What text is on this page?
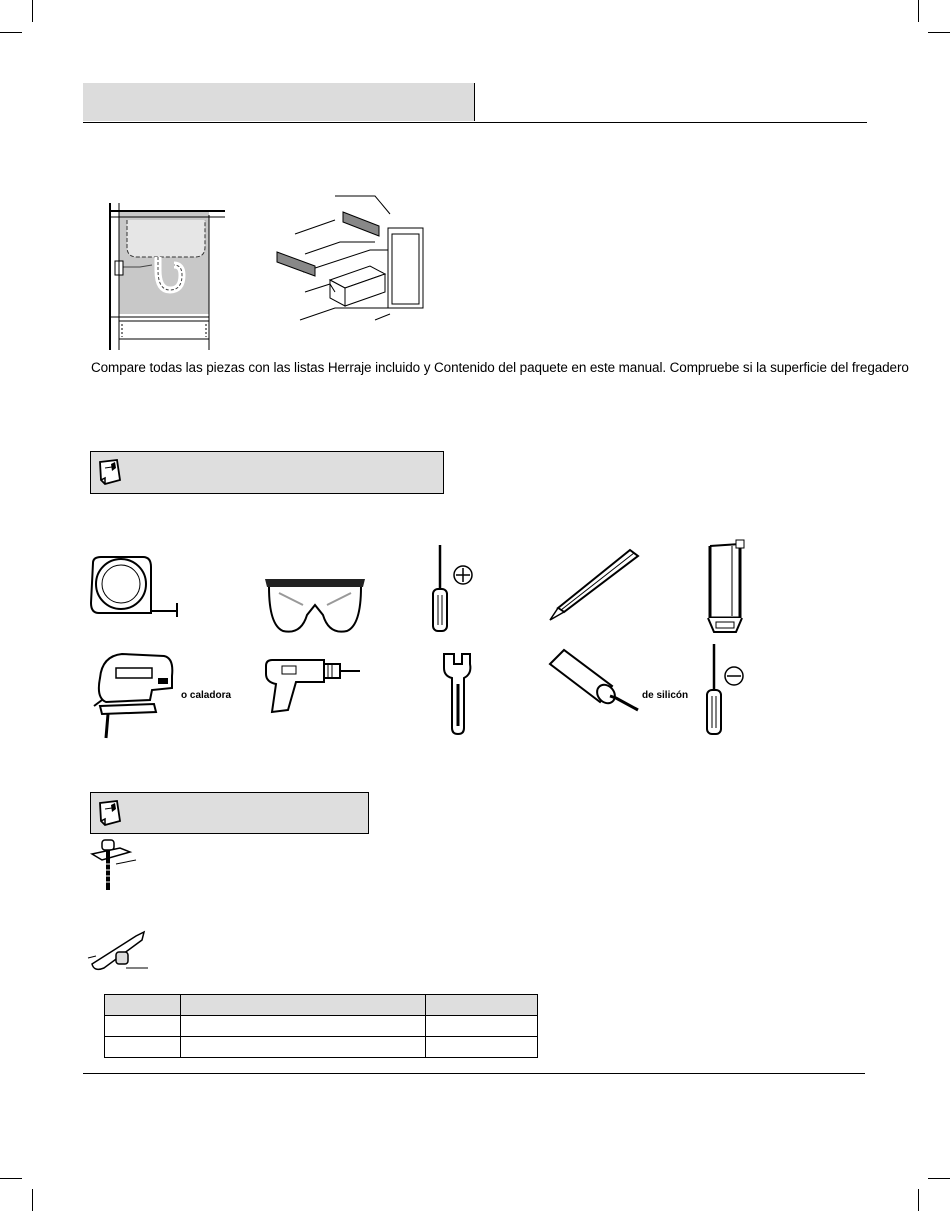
Compare todas las piezas con las listas Herraje incluido y Contenido del paquete en este manual. Compruebe si la superficie del fregadero
o caladora	de silicón
